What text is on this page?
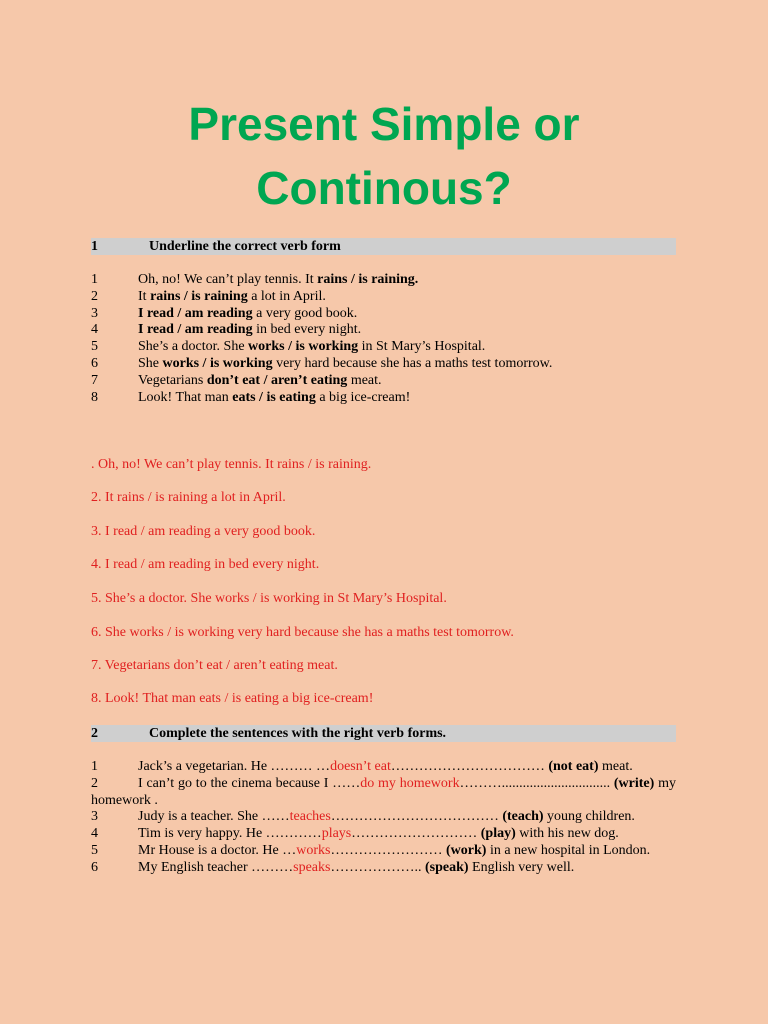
Present Simple or
Continous?
1	Underline the correct verb form
1	Oh, no! We can’t play tennis. It rains / is raining.
2	It rains / is raining a lot in April.
3	I read / am reading a very good book.
4	I read / am reading in bed every night.
5	She’s a doctor. She works / is working in St Mary’s Hospital.
6	She works / is working very hard because she has a maths test tomorrow.
7	Vegetarians don’t eat / aren’t eating meat.
8	Look! That man eats / is eating a big ice-cream!
. Oh, no! We can’t play tennis. It rains / is raining.
2. It rains / is raining a lot in April.
3. I read / am reading a very good book.
4. I read / am reading in bed every night.
5. She’s a doctor. She works / is working in St Mary’s Hospital.
6. She works / is working very hard because she has a maths test tomorrow.
7. Vegetarians don’t eat / aren’t eating meat.
8. Look! That man eats / is eating a big ice-cream!
2	Complete the sentences with the right verb forms.
1	Jack’s a vegetarian. He ……… …doesn’t eat…………………………… (not eat) meat.
2	I can’t go to the cinema because I ……do my homework………............................... (write) my homework .
3	Judy is a teacher. She ……teaches……………………………… (teach) young children.
4	Tim is very happy. He …………plays……………………… (play) with his new dog.
5	Mr House is a doctor. He …works…………………… (work) in a new hospital in London.
6	My English teacher ………speaks……………….. (speak) English very well.
